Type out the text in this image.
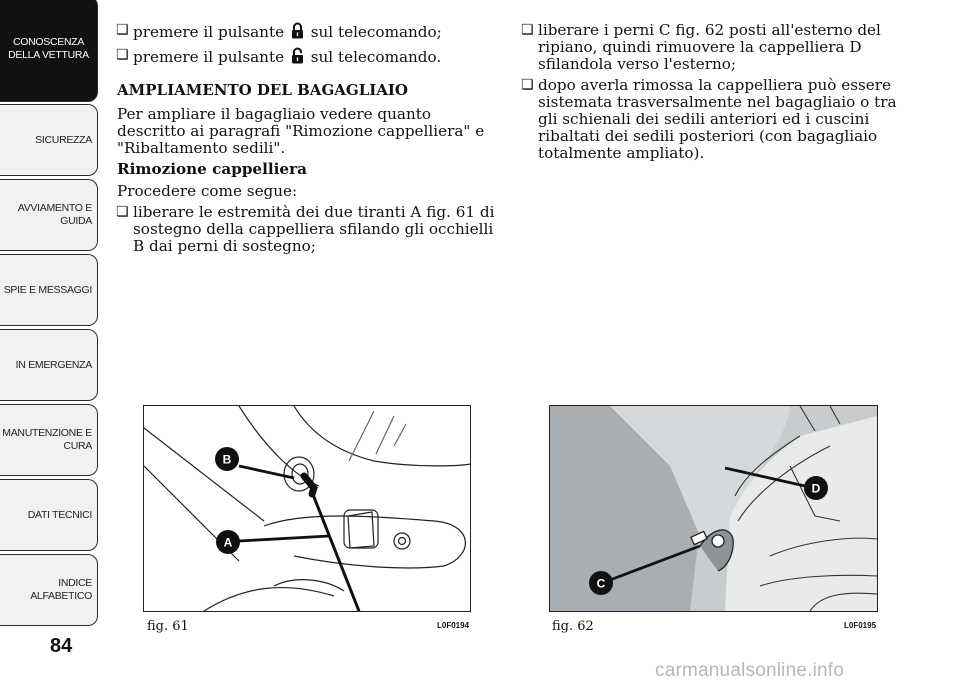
CONOSCENZA
DELLA VETTURA
SICUREZZA
AVVIAMENTO E
GUIDA
SPIE E MESSAGGI
IN EMERGENZA
MANUTENZIONE E
CURA
DATI TECNICI
INDICE
ALFABETICO
84
❏ premere il pulsante sul telecomando;
❏ premere il pulsante sul telecomando.
AMPLIAMENTO DEL BAGAGLIAIO

Per ampliare il bagagliaio vedere quanto descritto ai paragrafi "Rimozione cappelliera" e "Ribaltamento sedili".

Rimozione cappelliera

Procedere come segue:

❏ liberare le estremità dei due tiranti A fig. 61 di sostegno della cappelliera sfilando gli occhielli B dai perni di sostegno;
❏ liberare i perni C fig. 62 posti all'esterno del ripiano, quindi rimuovere la cappelliera D sfilandola verso l'esterno;
❏ dopo averla rimossa la cappelliera può essere sistemata trasversalmente nel bagagliaio o tra gli schienali dei sedili anteriori ed i cuscini ribaltati dei sedili posteriori (con bagagliaio totalmente ampliato).
B
A
fig. 61	L0F0194
D
C
fig. 62	L0F0195
carmanualsonline.info
